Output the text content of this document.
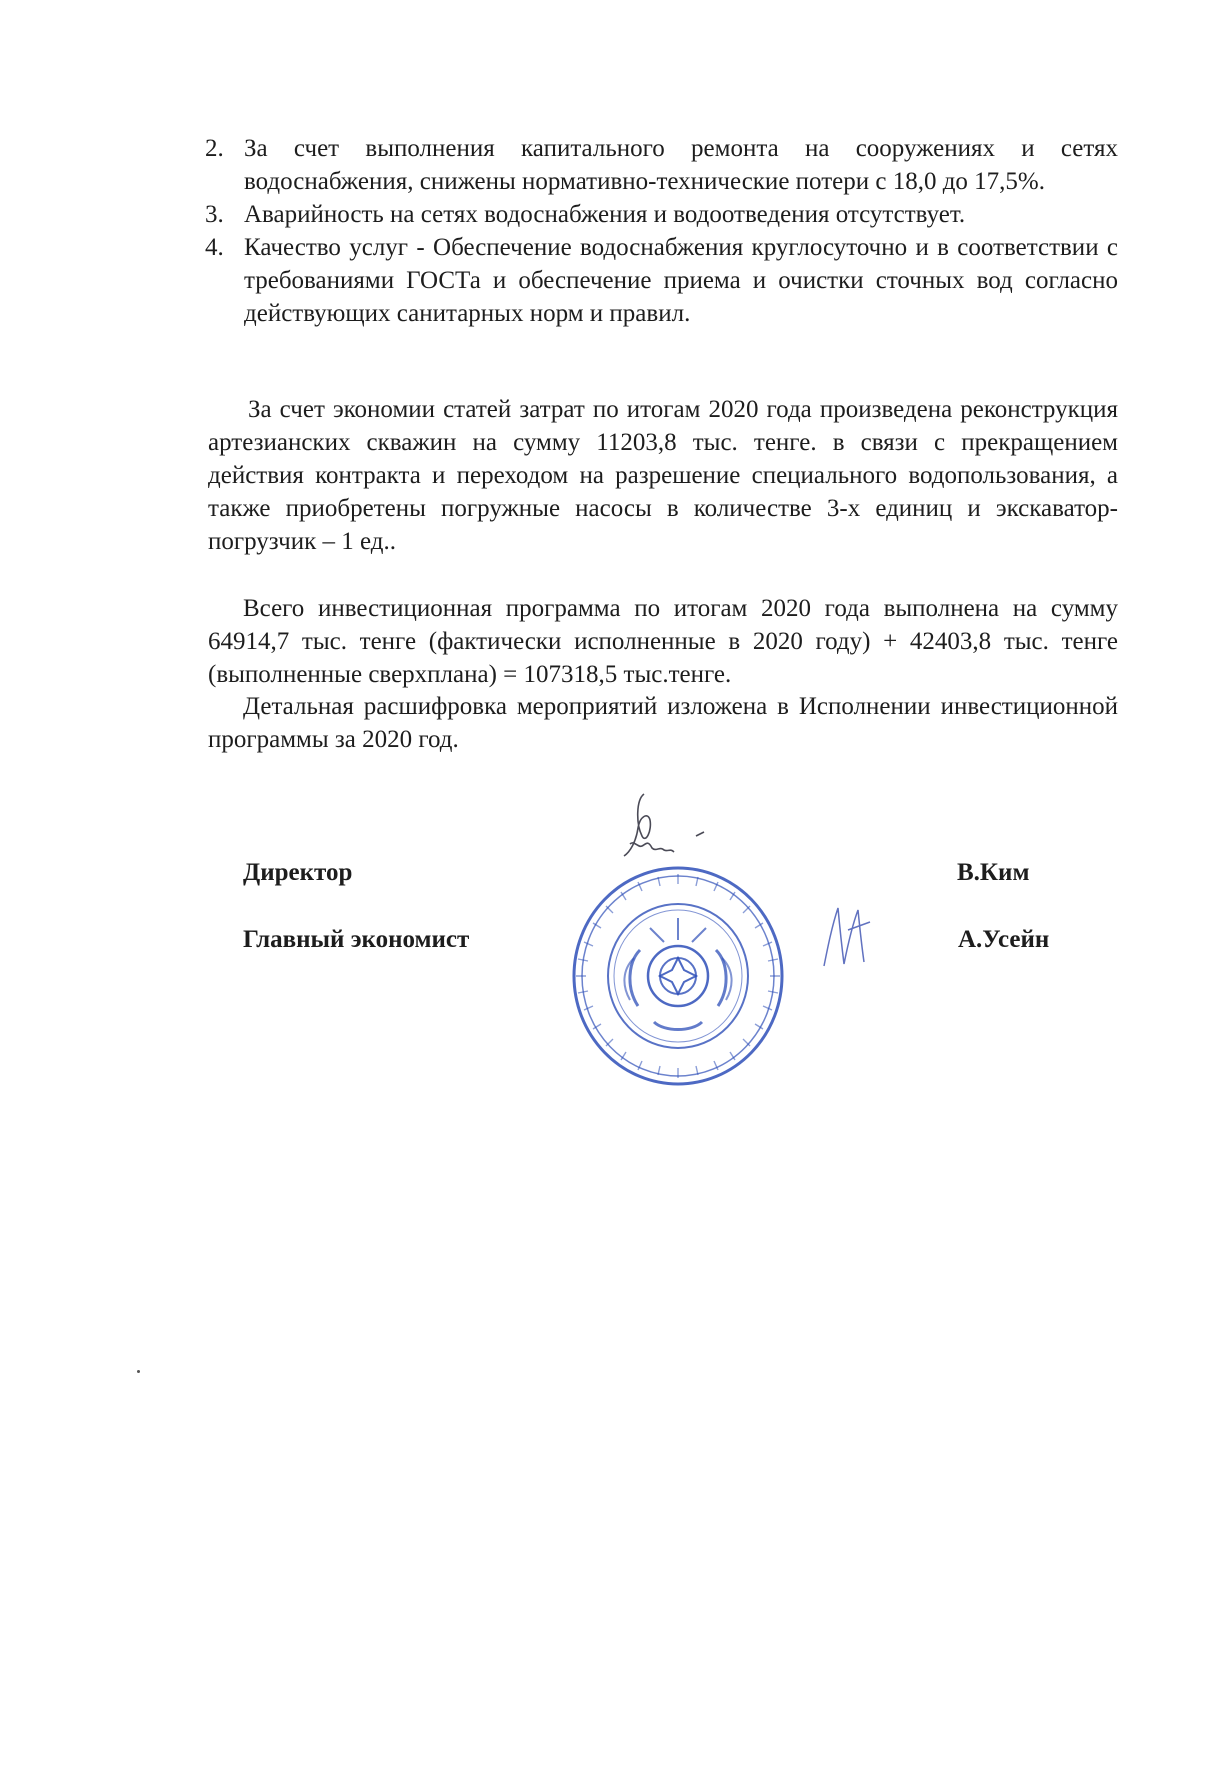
2. За счет выполнения капитального ремонта на сооружениях и сетях водоснабжения, снижены нормативно-технические потери с 18,0 до 17,5%.
3. Аварийность на сетях водоснабжения и водоотведения отсутствует.
4. Качество услуг - Обеспечение водоснабжения круглосуточно и в соответствии с требованиями ГОСТа и обеспечение приема и очистки сточных вод согласно действующих санитарных норм и правил.

За счет экономии статей затрат по итогам 2020 года произведена реконструкция артезианских скважин на сумму 11203,8 тыс. тенге. в связи с прекращением действия контракта и переходом на разрешение специального водопользования, а также приобретены погружные насосы в количестве 3-х единиц и экскаватор-погрузчик – 1 ед..

Всего инвестиционная программа по итогам 2020 года выполнена на сумму 64914,7 тыс. тенге (фактически исполненные в 2020 году) + 42403,8 тыс. тенге (выполненные сверхплана) = 107318,5 тыс.тенге.

Детальная расшифровка мероприятий изложена в Исполнении инвестиционной программы за 2020 год.

Директор	В.Ким
Главный экономист	А.Усейн
